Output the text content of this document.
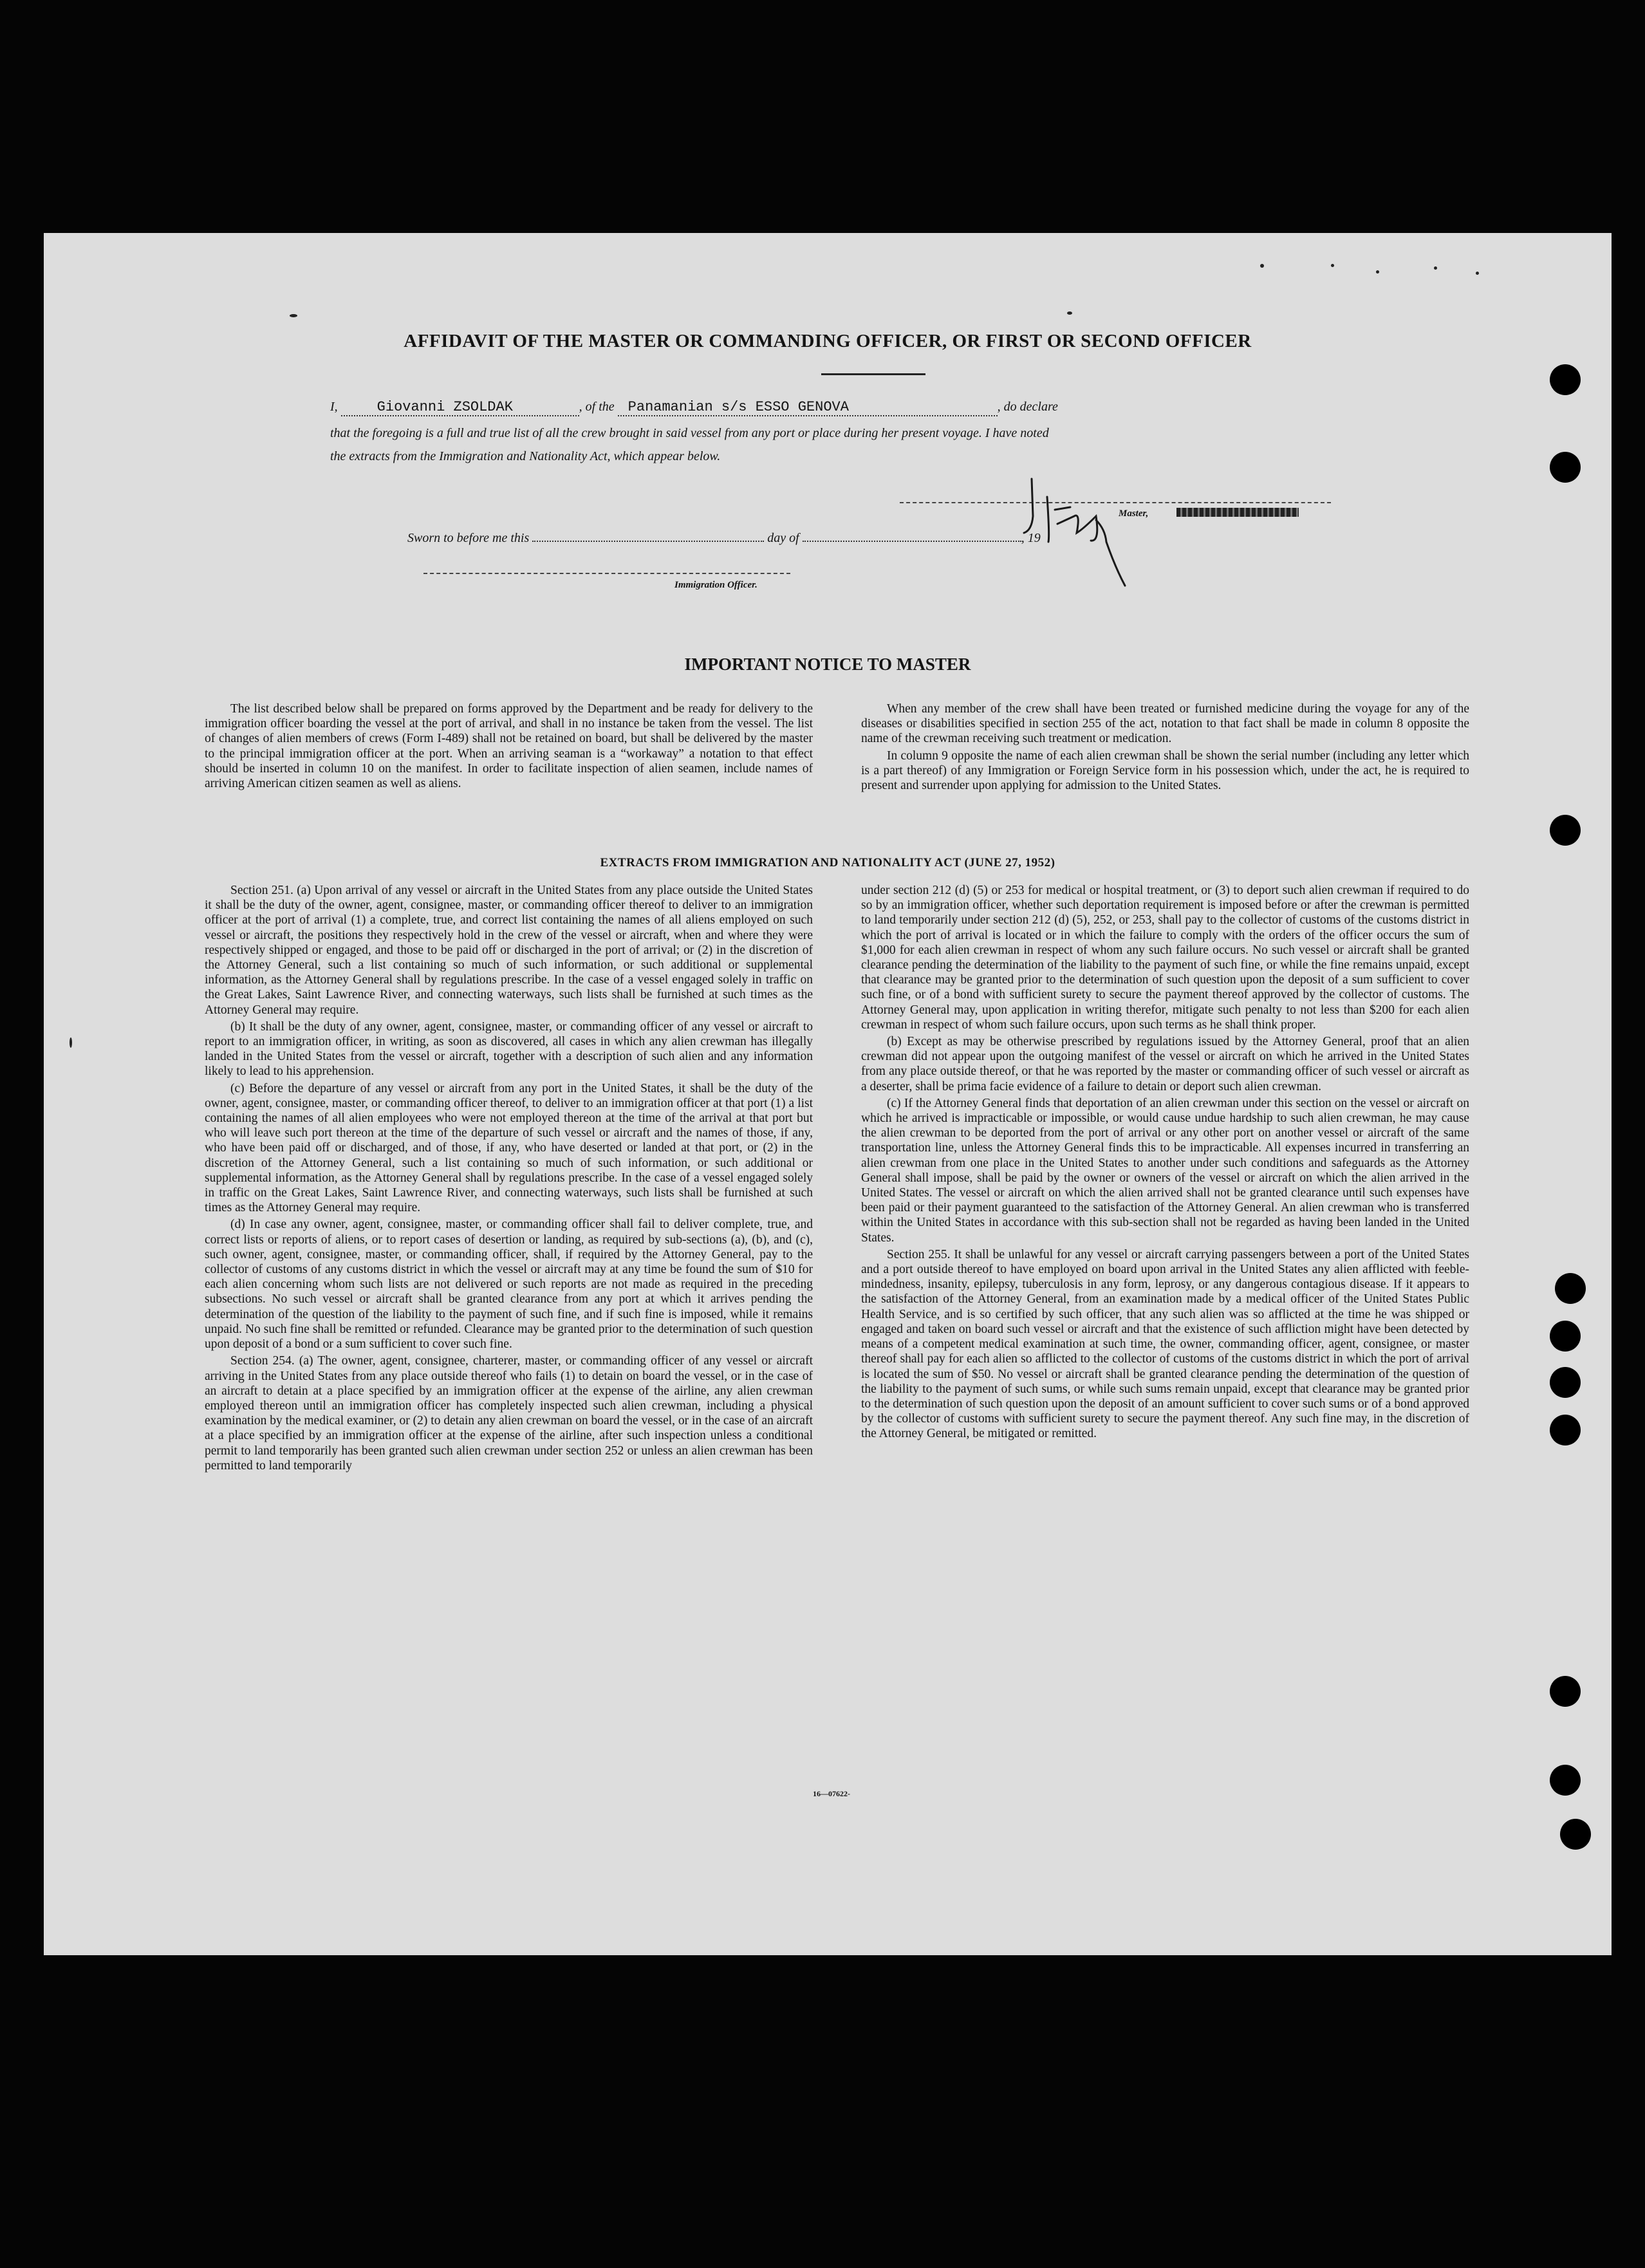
AFFIDAVIT OF THE MASTER OR COMMANDING OFFICER, OR FIRST OR SECOND OFFICER
I,	Giovanni ZSOLDAK	, of the Panamanian s/s ESSO GENOVA	, do declare
that the foregoing is a full and true list of all the crew brought in said vessel from any port or place during her present voyage. I have noted
the extracts from the Immigration and Nationality Act, which appear below.
Master,
Sworn to before me this	day of	, 19
Immigration Officer.
IMPORTANT NOTICE TO MASTER

The list described below shall be prepared on forms approved by the Department and be ready for delivery to the immigration officer boarding the vessel at the port of arrival, and shall in no instance be taken from the vessel. The list of changes of alien members of crews (Form I-489) shall not be retained on board, but shall be delivered by the master to the principal immigration officer at the port. When an arriving seaman is a “workaway” a notation to that effect should be inserted in column 10 on the manifest. In order to facilitate inspection of alien seamen, include names of arriving American citizen seamen as well as aliens.

When any member of the crew shall have been treated or furnished medicine during the voyage for any of the diseases or disabilities specified in section 255 of the act, notation to that fact shall be made in column 8 opposite the name of the crewman receiving such treatment or medication.

In column 9 opposite the name of each alien crewman shall be shown the serial number (including any letter which is a part thereof) of any Immigration or Foreign Service form in his possession which, under the act, he is required to present and surrender upon applying for admission to the United States.

EXTRACTS FROM IMMIGRATION AND NATIONALITY ACT (JUNE 27, 1952)

Section 251. (a) Upon arrival of any vessel or aircraft in the United States from any place outside the United States it shall be the duty of the owner, agent, consignee, master, or commanding officer thereof to deliver to an immigration officer at the port of arrival (1) a complete, true, and correct list containing the names of all aliens employed on such vessel or aircraft, the positions they respectively hold in the crew of the vessel or aircraft, when and where they were respectively shipped or engaged, and those to be paid off or discharged in the port of arrival; or (2) in the discretion of the Attorney General, such a list containing so much of such information, or such additional or supplemental information, as the Attorney General shall by regulations prescribe. In the case of a vessel engaged solely in traffic on the Great Lakes, Saint Lawrence River, and connecting waterways, such lists shall be furnished at such times as the Attorney General may require.

(b) It shall be the duty of any owner, agent, consignee, master, or commanding officer of any vessel or aircraft to report to an immigration officer, in writing, as soon as discovered, all cases in which any alien crewman has illegally landed in the United States from the vessel or aircraft, together with a description of such alien and any information likely to lead to his apprehension.

(c) Before the departure of any vessel or aircraft from any port in the United States, it shall be the duty of the owner, agent, consignee, master, or commanding officer thereof, to deliver to an immigration officer at that port (1) a list containing the names of all alien employees who were not employed thereon at the time of the arrival at that port but who will leave such port thereon at the time of the departure of such vessel or aircraft and the names of those, if any, who have been paid off or discharged, and of those, if any, who have deserted or landed at that port, or (2) in the discretion of the Attorney General, such a list containing so much of such information, or such additional or supplemental information, as the Attorney General shall by regulations prescribe. In the case of a vessel engaged solely in traffic on the Great Lakes, Saint Lawrence River, and connecting waterways, such lists shall be furnished at such times as the Attorney General may require.

(d) In case any owner, agent, consignee, master, or commanding officer shall fail to deliver complete, true, and correct lists or reports of aliens, or to report cases of desertion or landing, as required by sub-sections (a), (b), and (c), such owner, agent, consignee, master, or commanding officer, shall, if required by the Attorney General, pay to the collector of customs of any customs district in which the vessel or aircraft may at any time be found the sum of $10 for each alien concerning whom such lists are not delivered or such reports are not made as required in the preceding subsections. No such vessel or aircraft shall be granted clearance from any port at which it arrives pending the determination of the question of the liability to the payment of such fine, and if such fine is imposed, while it remains unpaid. No such fine shall be remitted or refunded. Clearance may be granted prior to the determination of such question upon deposit of a bond or a sum sufficient to cover such fine.

Section 254. (a) The owner, agent, consignee, charterer, master, or commanding officer of any vessel or aircraft arriving in the United States from any place outside thereof who fails (1) to detain on board the vessel, or in the case of an aircraft to detain at a place specified by an immigration officer at the expense of the airline, any alien crewman employed thereon until an immigration officer has completely inspected such alien crewman, including a physical examination by the medical examiner, or (2) to detain any alien crewman on board the vessel, or in the case of an aircraft at a place specified by an immigration officer at the expense of the airline, after such inspection unless a conditional permit to land temporarily has been granted such alien crewman under section 252 or unless an alien crewman has been permitted to land temporarily

under section 212 (d) (5) or 253 for medical or hospital treatment, or (3) to deport such alien crewman if required to do so by an immigration officer, whether such deportation requirement is imposed before or after the crewman is permitted to land temporarily under section 212 (d) (5), 252, or 253, shall pay to the collector of customs of the customs district in which the port of arrival is located or in which the failure to comply with the orders of the officer occurs the sum of $1,000 for each alien crewman in respect of whom any such failure occurs. No such vessel or aircraft shall be granted clearance pending the determination of the liability to the payment of such fine, or while the fine remains unpaid, except that clearance may be granted prior to the determination of such question upon the deposit of a sum sufficient to cover such fine, or of a bond with sufficient surety to secure the payment thereof approved by the collector of customs. The Attorney General may, upon application in writing therefor, mitigate such penalty to not less than $200 for each alien crewman in respect of whom such failure occurs, upon such terms as he shall think proper.

(b) Except as may be otherwise prescribed by regulations issued by the Attorney General, proof that an alien crewman did not appear upon the outgoing manifest of the vessel or aircraft on which he arrived in the United States from any place outside thereof, or that he was reported by the master or commanding officer of such vessel or aircraft as a deserter, shall be prima facie evidence of a failure to detain or deport such alien crewman.

(c) If the Attorney General finds that deportation of an alien crewman under this section on the vessel or aircraft on which he arrived is impracticable or impossible, or would cause undue hardship to such alien crewman, he may cause the alien crewman to be deported from the port of arrival or any other port on another vessel or aircraft of the same transportation line, unless the Attorney General finds this to be impracticable. All expenses incurred in transferring an alien crewman from one place in the United States to another under such conditions and safeguards as the Attorney General shall impose, shall be paid by the owner or owners of the vessel or aircraft on which the alien arrived in the United States. The vessel or aircraft on which the alien arrived shall not be granted clearance until such expenses have been paid or their payment guaranteed to the satisfaction of the Attorney General. An alien crewman who is transferred within the United States in accordance with this sub-section shall not be regarded as having been landed in the United States.

Section 255. It shall be unlawful for any vessel or aircraft carrying passengers between a port of the United States and a port outside thereof to have employed on board upon arrival in the United States any alien afflicted with feeble-mindedness, insanity, epilepsy, tuberculosis in any form, leprosy, or any dangerous contagious disease. If it appears to the satisfaction of the Attorney General, from an examination made by a medical officer of the United States Public Health Service, and is so certified by such officer, that any such alien was so afflicted at the time he was shipped or engaged and taken on board such vessel or aircraft and that the existence of such affliction might have been detected by means of a competent medical examination at such time, the owner, commanding officer, agent, consignee, or master thereof shall pay for each alien so afflicted to the collector of customs of the customs district in which the port of arrival is located the sum of $50. No vessel or aircraft shall be granted clearance pending the determination of the question of the liability to the payment of such sums, or while such sums remain unpaid, except that clearance may be granted prior to the determination of such question upon the deposit of an amount sufficient to cover such sums or of a bond approved by the collector of customs with sufficient surety to secure the payment thereof. Any such fine may, in the discretion of the Attorney General, be mitigated or remitted.

16—07622-
